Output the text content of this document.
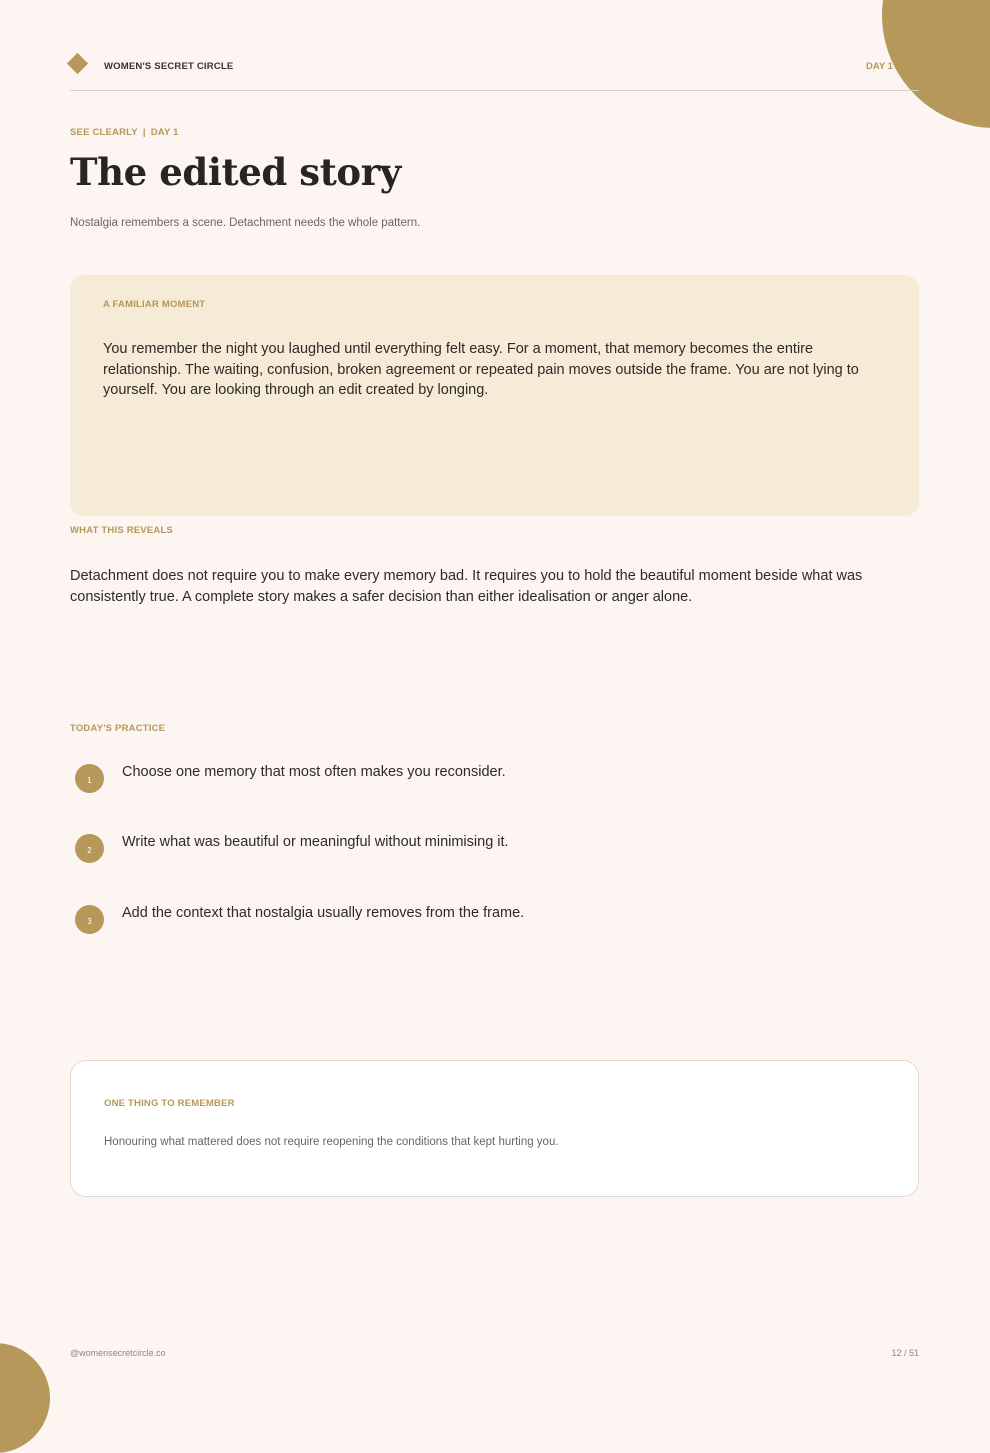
WOMEN'S SECRET CIRCLE	DAY 1 O
SEE CLEARLY | DAY 1
The edited story
Nostalgia remembers a scene. Detachment needs the whole pattern.
A FAMILIAR MOMENT
You remember the night you laughed until everything felt easy. For a moment, that memory becomes the entire relationship. The waiting, confusion, broken agreement or repeated pain moves outside the frame. You are not lying to yourself. You are looking through an edit created by longing.
WHAT THIS REVEALS
Detachment does not require you to make every memory bad. It requires you to hold the beautiful moment beside what was consistently true. A complete story makes a safer decision than either idealisation or anger alone.
TODAY'S PRACTICE
1
Choose one memory that most often makes you reconsider.
2
Write what was beautiful or meaningful without minimising it.
3
Add the context that nostalgia usually removes from the frame.
ONE THING TO REMEMBER
Honouring what mattered does not require reopening the conditions that kept hurting you.
@womensecretcircle.co	12 / 51
